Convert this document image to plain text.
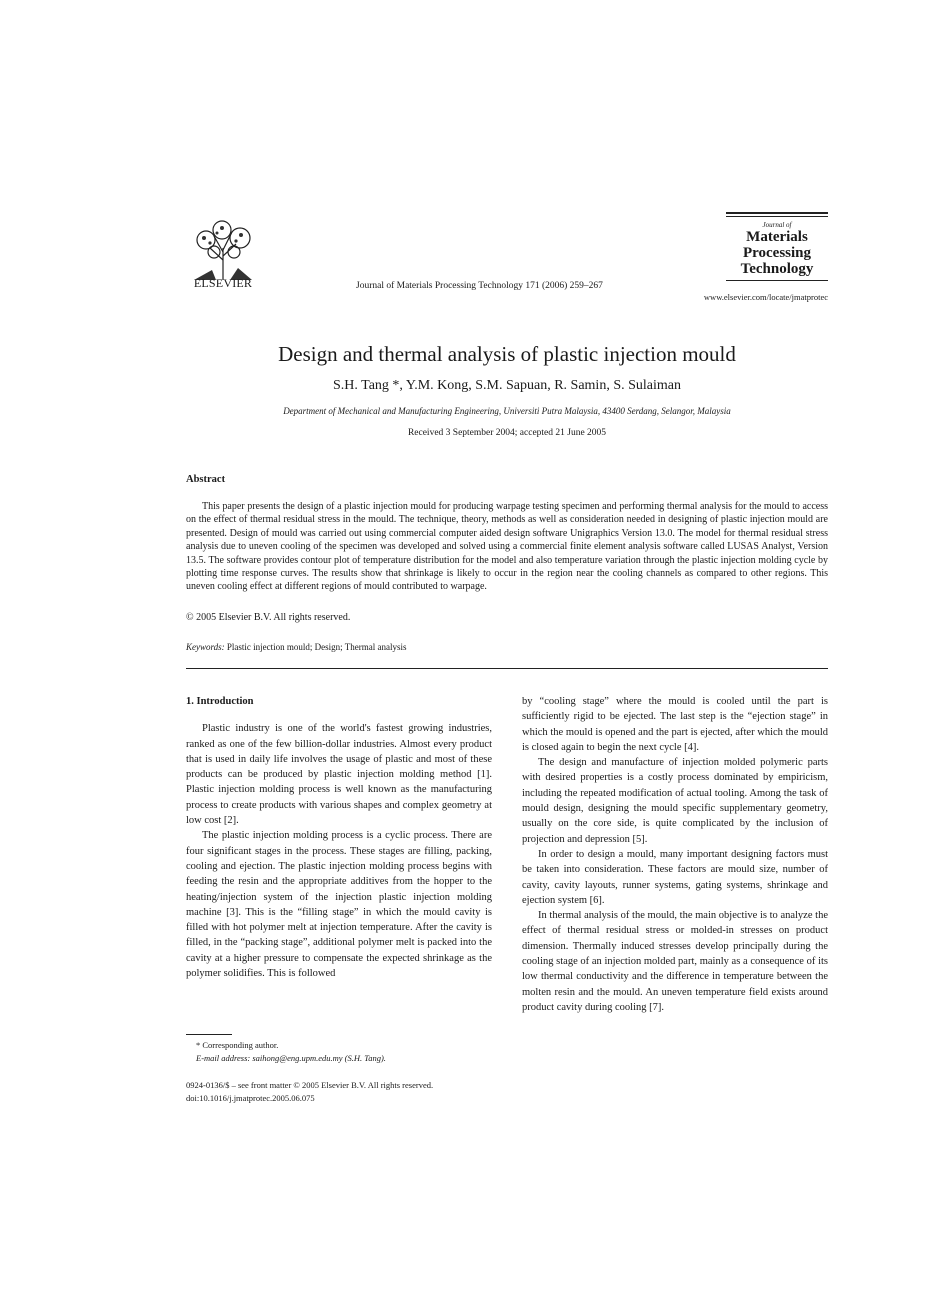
ELSEVIER	Journal of Materials Processing Technology 171 (2006) 259–267
Journal of
Materials
Processing
Technology
www.elsevier.com/locate/jmatprotec
Design and thermal analysis of plastic injection mould
S.H. Tang *, Y.M. Kong, S.M. Sapuan, R. Samin, S. Sulaiman
Department of Mechanical and Manufacturing Engineering, Universiti Putra Malaysia, 43400 Serdang, Selangor, Malaysia
Received 3 September 2004; accepted 21 June 2005
Abstract

This paper presents the design of a plastic injection mould for producing warpage testing specimen and performing thermal analysis for the mould to access on the effect of thermal residual stress in the mould. The technique, theory, methods as well as consideration needed in designing of plastic injection mould are presented. Design of mould was carried out using commercial computer aided design software Unigraphics Version 13.0. The model for thermal residual stress analysis due to uneven cooling of the specimen was developed and solved using a commercial finite element analysis software called LUSAS Analyst, Version 13.5. The software provides contour plot of temperature distribution for the model and also temperature variation through the plastic injection molding cycle by plotting time response curves. The results show that shrinkage is likely to occur in the region near the cooling channels as compared to other regions. This uneven cooling effect at different regions of mould contributed to warpage.

© 2005 Elsevier B.V. All rights reserved.
Keywords: Plastic injection mould; Design; Thermal analysis
1. Introduction

Plastic industry is one of the world's fastest growing industries, ranked as one of the few billion-dollar industries. Almost every product that is used in daily life involves the usage of plastic and most of these products can be produced by plastic injection molding method [1]. Plastic injection molding process is well known as the manufacturing process to create products with various shapes and complex geometry at low cost [2].

The plastic injection molding process is a cyclic process. There are four significant stages in the process. These stages are filling, packing, cooling and ejection. The plastic injection molding process begins with feeding the resin and the appropriate additives from the hopper to the heating/injection system of the injection plastic injection molding machine [3]. This is the “filling stage” in which the mould cavity is filled with hot polymer melt at injection temperature. After the cavity is filled, in the “packing stage”, additional polymer melt is packed into the cavity at a higher pressure to compensate the expected shrinkage as the polymer solidifies. This is followed

by “cooling stage” where the mould is cooled until the part is sufficiently rigid to be ejected. The last step is the “ejection stage” in which the mould is opened and the part is ejected, after which the mould is closed again to begin the next cycle [4].

The design and manufacture of injection molded polymeric parts with desired properties is a costly process dominated by empiricism, including the repeated modification of actual tooling. Among the task of mould design, designing the mould specific supplementary geometry, usually on the core side, is quite complicated by the inclusion of projection and depression [5].

In order to design a mould, many important designing factors must be taken into consideration. These factors are mould size, number of cavity, cavity layouts, runner systems, gating systems, shrinkage and ejection system [6].

In thermal analysis of the mould, the main objective is to analyze the effect of thermal residual stress or molded-in stresses on product dimension. Thermally induced stresses develop principally during the cooling stage of an injection molded part, mainly as a consequence of its low thermal conductivity and the difference in temperature between the molten resin and the mould. An uneven temperature field exists around product cavity during cooling [7].

* Corresponding author.
E-mail address: saihong@eng.upm.edu.my (S.H. Tang).
0924-0136/$ – see front matter © 2005 Elsevier B.V. All rights reserved.
doi:10.1016/j.jmatprotec.2005.06.075
